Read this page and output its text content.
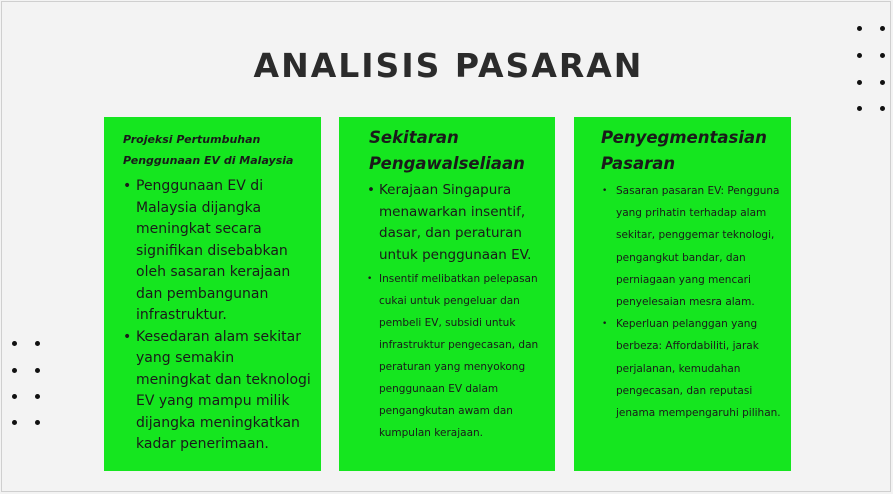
ANALISIS PASARAN

Projeksi Pertumbuhan Penggunaan EV di Malaysia

• Penggunaan EV di Malaysia dijangka meningkat secara signifikan disebabkan oleh sasaran kerajaan dan pembangunan infrastruktur.
• Kesedaran alam sekitar yang semakin meningkat dan teknologi EV yang mampu milik dijangka meningkatkan kadar penerimaan.

Sekitaran Pengawalseliaan

• Kerajaan Singapura menawarkan insentif, dasar, dan peraturan untuk penggunaan EV.
• Insentif melibatkan pelepasan cukai untuk pengeluar dan pembeli EV, subsidi untuk infrastruktur pengecasan, dan peraturan yang menyokong penggunaan EV dalam pengangkutan awam dan kumpulan kerajaan.

Penyegmentasian Pasaran

• Sasaran pasaran EV: Pengguna yang prihatin terhadap alam sekitar, penggemar teknologi, pengangkut bandar, dan perniagaan yang mencari penyelesaian mesra alam.
• Keperluan pelanggan yang berbeza: Affordabiliti, jarak perjalanan, kemudahan pengecasan, dan reputasi jenama mempengaruhi pilihan.
